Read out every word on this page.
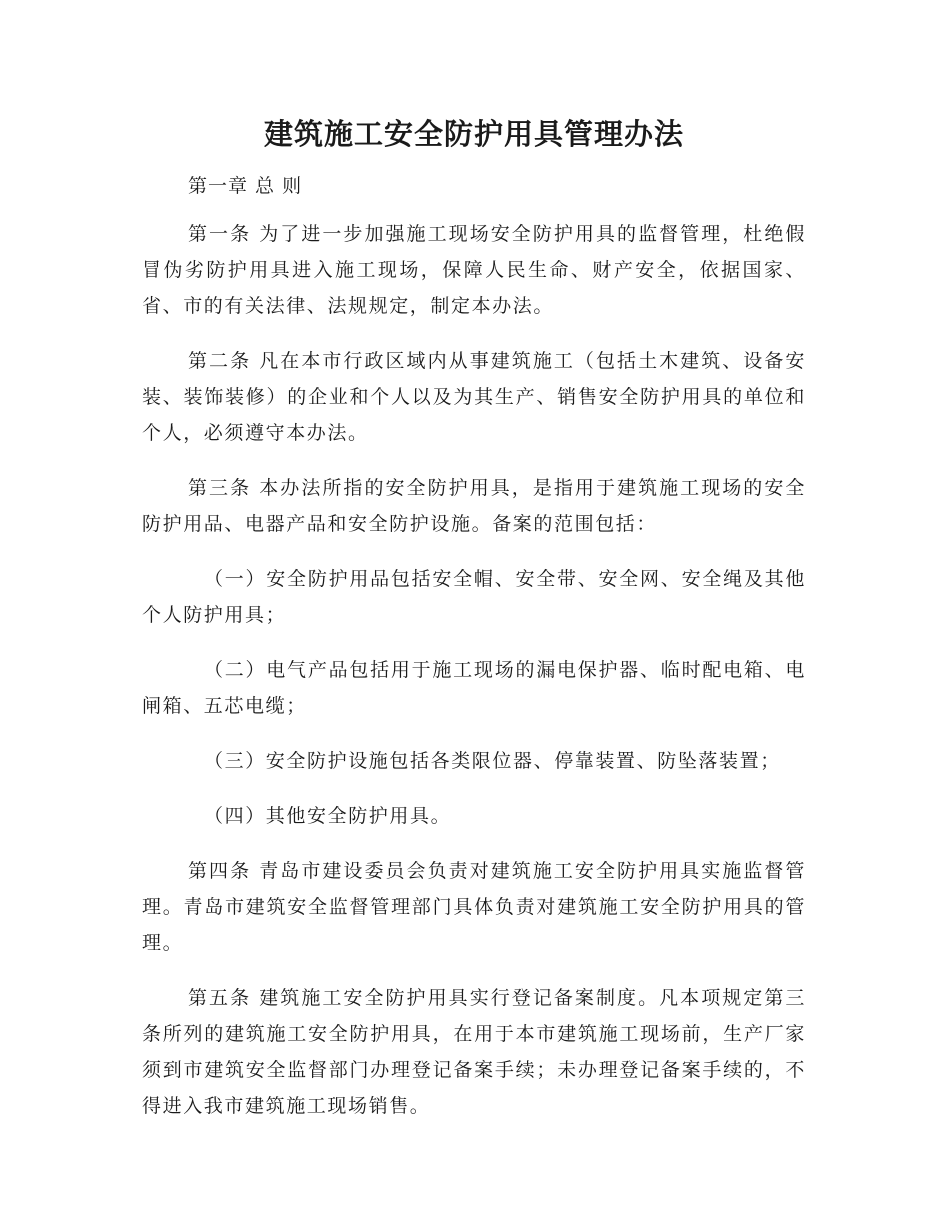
建筑施工安全防护用具管理办法

第一章 总 则

第一条 为了进一步加强施工现场安全防护用具的监督管理，杜绝假冒伪劣防护用具进入施工现场，保障人民生命、财产安全，依据国家、省、市的有关法律、法规规定，制定本办法。

第二条 凡在本市行政区域内从事建筑施工（包括土木建筑、设备安装、装饰装修）的企业和个人以及为其生产、销售安全防护用具的单位和个人，必须遵守本办法。

第三条 本办法所指的安全防护用具，是指用于建筑施工现场的安全防护用品、电器产品和安全防护设施。备案的范围包括：

（一）安全防护用品包括安全帽、安全带、安全网、安全绳及其他个人防护用具；

（二）电气产品包括用于施工现场的漏电保护器、临时配电箱、电闸箱、五芯电缆；

（三）安全防护设施包括各类限位器、停靠装置、防坠落装置；

（四）其他安全防护用具。

第四条 青岛市建设委员会负责对建筑施工安全防护用具实施监督管理。青岛市建筑安全监督管理部门具体负责对建筑施工安全防护用具的管理。

第五条 建筑施工安全防护用具实行登记备案制度。凡本项规定第三条所列的建筑施工安全防护用具，在用于本市建筑施工现场前，生产厂家须到市建筑安全监督部门办理登记备案手续；未办理登记备案手续的，不得进入我市建筑施工现场销售。
